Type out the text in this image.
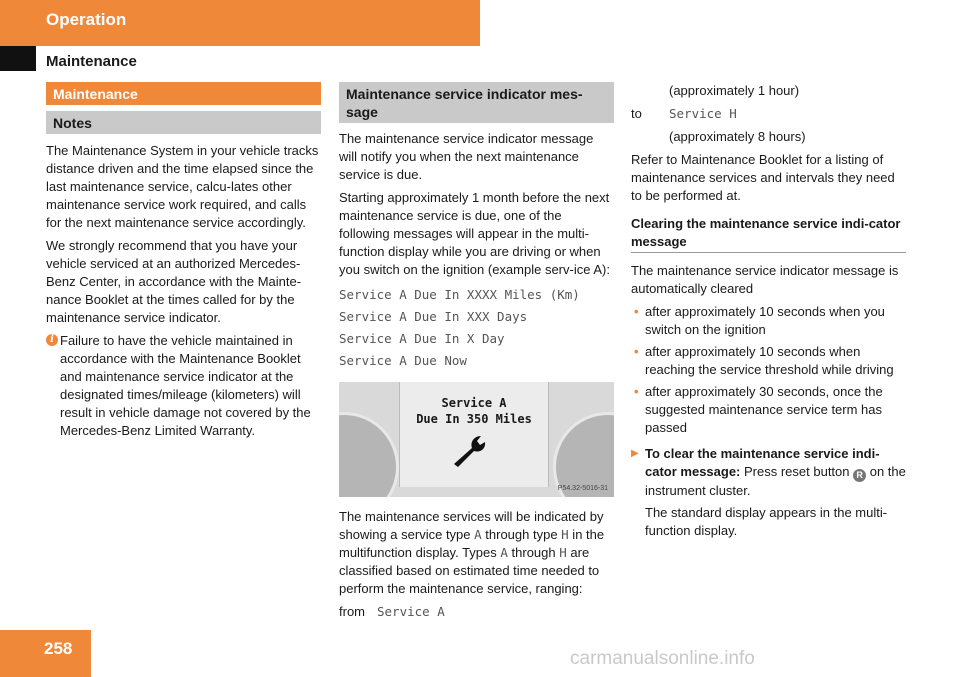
Operation
Maintenance
Maintenance
Notes

The Maintenance System in your vehicle tracks distance driven and the time elapsed since the last maintenance service, calcu-lates other maintenance service work required, and calls for the next maintenance service accordingly.

We strongly recommend that you have your vehicle serviced at an authorized Mercedes-Benz Center, in accordance with the Mainte-nance Booklet at the times called for by the maintenance service indicator.

i Failure to have the vehicle maintained in accordance with the Maintenance Booklet and maintenance service indicator at the designated times/mileage (kilometers) will result in vehicle damage not covered by the Mercedes-Benz Limited Warranty.
Maintenance service indicator mes-sage

The maintenance service indicator message will notify you when the next maintenance service is due.

Starting approximately 1 month before the next maintenance service is due, one of the following messages will appear in the multi-function display while you are driving or when you switch on the ignition (example serv-ice A):

Service A Due In XXXX Miles (Km)
Service A Due In XXX Days
Service A Due In X Day
Service A Due Now
Service A
Due In 350 Miles
P54.32-5016-31

The maintenance services will be indicated by showing a service type A through type H in the multifunction display. Types A through H are classified based on estimated time needed to perform the maintenance service, ranging:

from Service A
(approximately 1 hour)
to	Service H
(approximately 8 hours)

Refer to Maintenance Booklet for a listing of maintenance services and intervals they need to be performed at.

Clearing the maintenance service indi-cator message

The maintenance service indicator message is automatically cleared

• after approximately 10 seconds when you switch on the ignition
• after approximately 10 seconds when reaching the service threshold while driving
• after approximately 30 seconds, once the suggested maintenance service term has passed
▶ To clear the maintenance service indi-cator message: Press reset button R on the instrument cluster.
The standard display appears in the multi-function display.
258	carmanualsonline.info
